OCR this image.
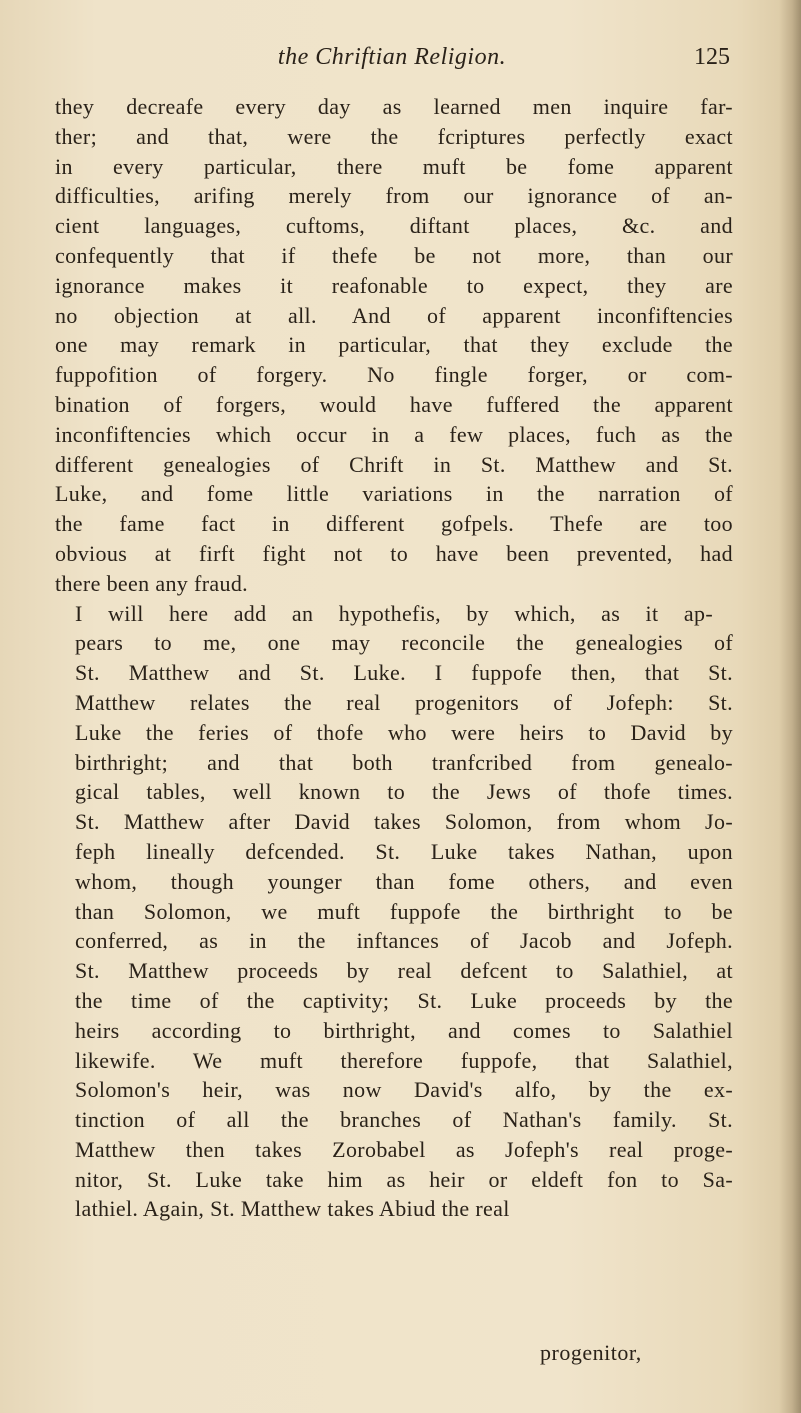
the Chriftian Religion.	125

they decreafe every day as learned men inquire far-
ther; and that, were the fcriptures perfectly exact
in every particular, there muft be fome apparent
difficulties, arifing merely from our ignorance of an-
cient languages, cuftoms, diftant places, &c. and
confequently that if thefe be not more, than our
ignorance makes it reafonable to expect, they are
no objection at all. And of apparent inconfiftencies
one may remark in particular, that they exclude the
fuppofition of forgery. No fingle forger, or com-
bination of forgers, would have fuffered the apparent
inconfiftencies which occur in a few places, fuch as the
different genealogies of Chrift in St. Matthew and St.
Luke, and fome little variations in the narration of
the fame fact in different gofpels. Thefe are too
obvious at firft fight not to have been prevented, had
there been any fraud.

I will here add an hypothefis, by which, as it ap-
pears to me, one may reconcile the genealogies of
St. Matthew and St. Luke. I fuppofe then, that St.
Matthew relates the real progenitors of Jofeph: St.
Luke the feries of thofe who were heirs to David by
birthright; and that both tranfcribed from genealo-
gical tables, well known to the Jews of thofe times.
St. Matthew after David takes Solomon, from whom Jo-
feph lineally defcended. St. Luke takes Nathan, upon
whom, though younger than fome others, and even
than Solomon, we muft fuppofe the birthright to be
conferred, as in the inftances of Jacob and Jofeph.
St. Matthew proceeds by real defcent to Salathiel, at
the time of the captivity; St. Luke proceeds by the
heirs according to birthright, and comes to Salathiel
likewife. We muft therefore fuppofe, that Salathiel,
Solomon's heir, was now David's alfo, by the ex-
tinction of all the branches of Nathan's family. St.
Matthew then takes Zorobabel as Jofeph's real proge-
nitor, St. Luke take him as heir or eldeft fon to Sa-
lathiel. Again, St. Matthew takes Abiud the real

progenitor,
